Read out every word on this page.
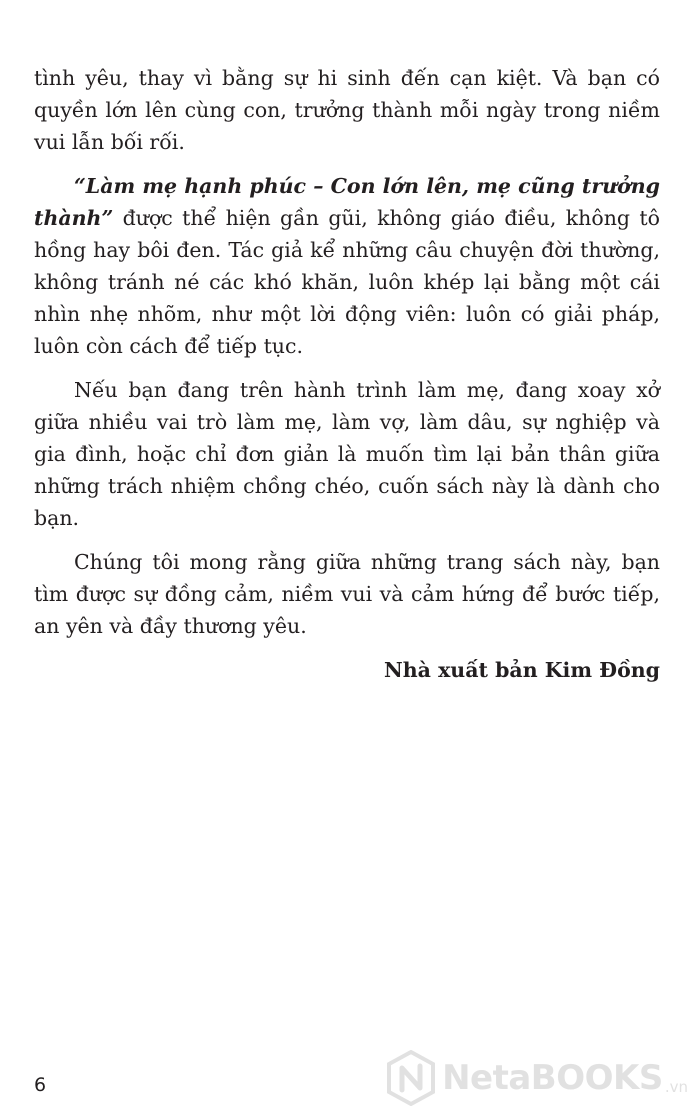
tình yêu, thay vì bằng sự hi sinh đến cạn kiệt. Và bạn có quyền lớn lên cùng con, trưởng thành mỗi ngày trong niềm vui lẫn bối rối.

“Làm mẹ hạnh phúc – Con lớn lên, mẹ cũng trưởng thành” được thể hiện gần gũi, không giáo điều, không tô hồng hay bôi đen. Tác giả kể những câu chuyện đời thường, không tránh né các khó khăn, luôn khép lại bằng một cái nhìn nhẹ nhõm, như một lời động viên: luôn có giải pháp, luôn còn cách để tiếp tục.

Nếu bạn đang trên hành trình làm mẹ, đang xoay xở giữa nhiều vai trò làm mẹ, làm vợ, làm dâu, sự nghiệp và gia đình, hoặc chỉ đơn giản là muốn tìm lại bản thân giữa những trách nhiệm chồng chéo, cuốn sách này là dành cho bạn.

Chúng tôi mong rằng giữa những trang sách này, bạn tìm được sự đồng cảm, niềm vui và cảm hứng để bước tiếp, an yên và đầy thương yêu.

Nhà xuất bản Kim Đồng
6	NetaBOOKS .vn
